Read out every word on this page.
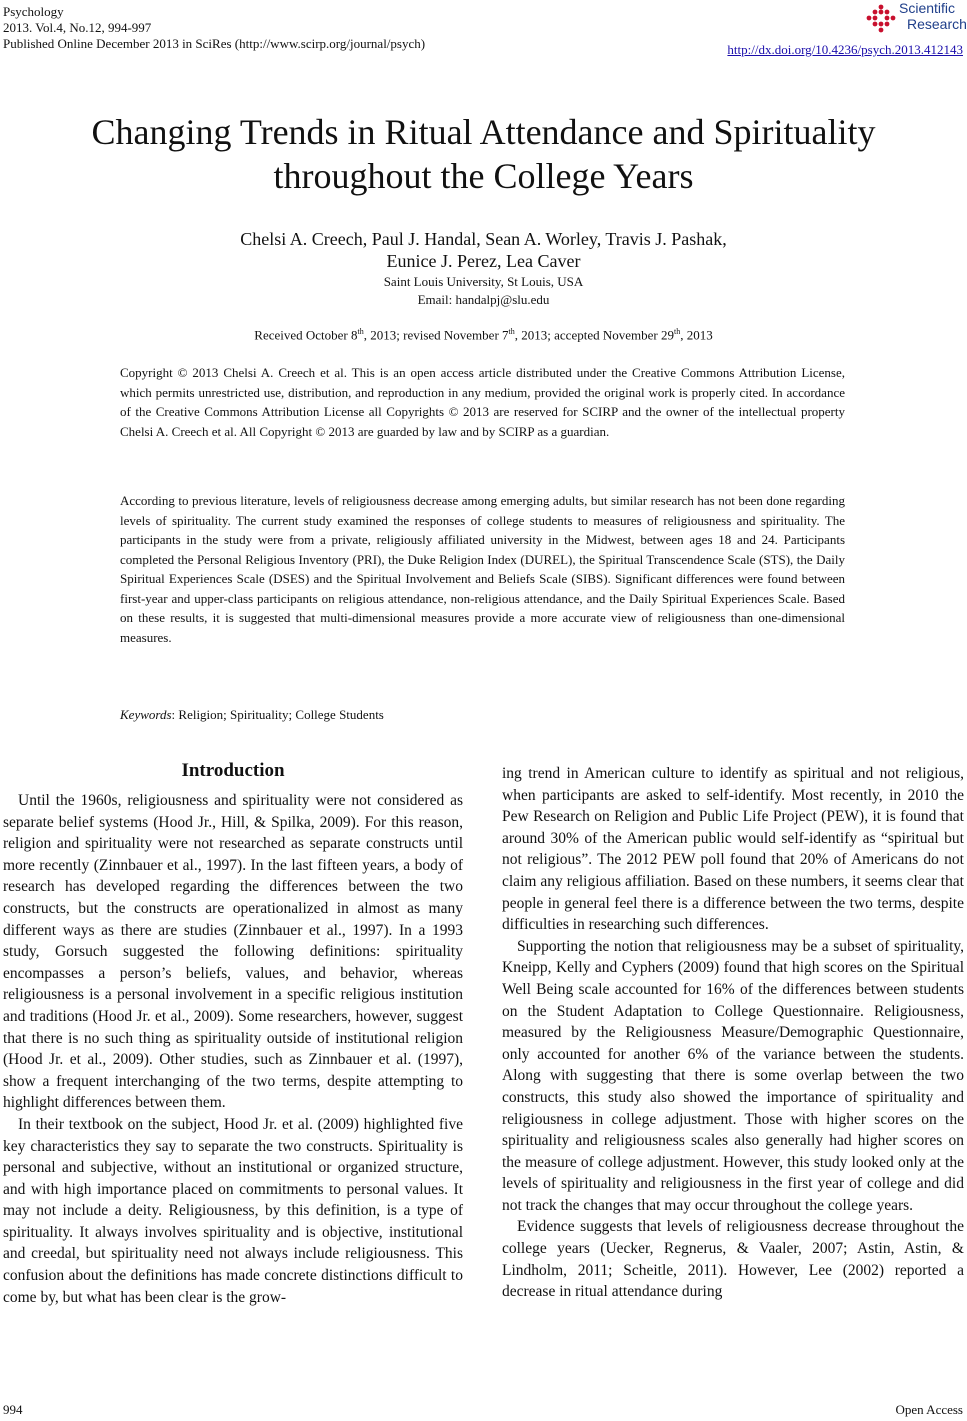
Psychology
2013. Vol.4, No.12, 994-997
Published Online December 2013 in SciRes (http://www.scirp.org/journal/psych)
Scientific
Research
http://dx.doi.org/10.4236/psych.2013.412143
Changing Trends in Ritual Attendance and Spirituality
throughout the College Years
Chelsi A. Creech, Paul J. Handal, Sean A. Worley, Travis J. Pashak,
Eunice J. Perez, Lea Caver
Saint Louis University, St Louis, USA
Email: handalpj@slu.edu
Received October 8th, 2013; revised November 7th, 2013; accepted November 29th, 2013
Copyright © 2013 Chelsi A. Creech et al. This is an open access article distributed under the Creative Commons Attribution License, which permits unrestricted use, distribution, and reproduction in any medium, provided the original work is properly cited. In accordance of the Creative Commons Attribution License all Copyrights © 2013 are reserved for SCIRP and the owner of the intellectual property Chelsi A. Creech et al. All Copyright © 2013 are guarded by law and by SCIRP as a guardian.
According to previous literature, levels of religiousness decrease among emerging adults, but similar research has not been done regarding levels of spirituality. The current study examined the responses of college students to measures of religiousness and spirituality. The participants in the study were from a private, religiously affiliated university in the Midwest, between ages 18 and 24. Participants completed the Personal Religious Inventory (PRI), the Duke Religion Index (DUREL), the Spiritual Transcendence Scale (STS), the Daily Spiritual Experiences Scale (DSES) and the Spiritual Involvement and Beliefs Scale (SIBS). Significant differences were found between first-year and upper-class participants on religious attendance, non-religious attendance, and the Daily Spiritual Experiences Scale. Based on these results, it is suggested that multi-dimensional measures provide a more accurate view of religiousness than one-dimensional measures.
Keywords: Religion; Spirituality; College Students
Introduction

Until the 1960s, religiousness and spirituality were not considered as separate belief systems (Hood Jr., Hill, & Spilka, 2009). For this reason, religion and spirituality were not researched as separate constructs until more recently (Zinnbauer et al., 1997). In the last fifteen years, a body of research has developed regarding the differences between the two constructs, but the constructs are operationalized in almost as many different ways as there are studies (Zinnbauer et al., 1997). In a 1993 study, Gorsuch suggested the following definitions: spirituality encompasses a person’s beliefs, values, and behavior, whereas religiousness is a personal involvement in a specific religious institution and traditions (Hood Jr. et al., 2009). Some researchers, however, suggest that there is no such thing as spirituality outside of institutional religion (Hood Jr. et al., 2009). Other studies, such as Zinnbauer et al. (1997), show a frequent interchanging of the two terms, despite attempting to highlight differences between them.

In their textbook on the subject, Hood Jr. et al. (2009) highlighted five key characteristics they say to separate the two constructs. Spirituality is personal and subjective, without an institutional or organized structure, and with high importance placed on commitments to personal values. It may not include a deity. Religiousness, by this definition, is a type of spirituality. It always involves spirituality and is objective, institutional and creedal, but spirituality need not always include religiousness. This confusion about the definitions has made concrete distinctions difficult to come by, but what has been clear is the grow-

ing trend in American culture to identify as spiritual and not religious, when participants are asked to self-identify. Most recently, in 2010 the Pew Research on Religion and Public Life Project (PEW), it is found that around 30% of the American public would self-identify as “spiritual but not religious”. The 2012 PEW poll found that 20% of Americans do not claim any religious affiliation. Based on these numbers, it seems clear that people in general feel there is a difference between the two terms, despite difficulties in researching such differences.

Supporting the notion that religiousness may be a subset of spirituality, Kneipp, Kelly and Cyphers (2009) found that high scores on the Spiritual Well Being scale accounted for 16% of the differences between students on the Student Adaptation to College Questionnaire. Religiousness, measured by the Religiousness Measure/Demographic Questionnaire, only accounted for another 6% of the variance between the students. Along with suggesting that there is some overlap between the two constructs, this study also showed the importance of spirituality and religiousness in college adjustment. Those with higher scores on the spirituality and religiousness scales also generally had higher scores on the measure of college adjustment. However, this study looked only at the levels of spirituality and religiousness in the first year of college and did not track the changes that may occur throughout the college years.

Evidence suggests that levels of religiousness decrease throughout the college years (Uecker, Regnerus, & Vaaler, 2007; Astin, Astin, & Lindholm, 2011; Scheitle, 2011). However, Lee (2002) reported a decrease in ritual attendance during

994	Open Access
